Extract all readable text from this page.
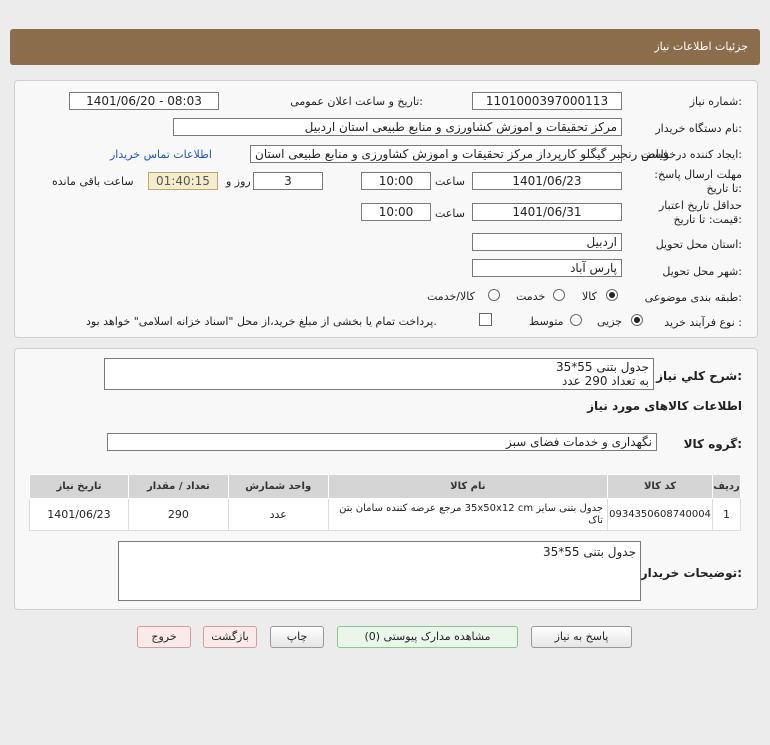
جزئیات اطلاعات نیاز
شماره نیاز:
1101000397000113
تاریخ و ساعت اعلان عمومی:
1401/06/20 - 08:03
نام دستگاه خریدار:
مرکز تحقیقات و اموزش کشاورزی و منابع طبیعی استان اردبیل
ایجاد کننده درخواست:
فیاض رنجبر گیگلو کارپرداز مرکز تحقیقات و اموزش کشاورزی و منابع طبیعی استان
اطلاعات تماس خریدار
مهلت ارسال پاسخ: تا تاریخ:
1401/06/23
ساعت
10:00
3
روز و
01:40:15
ساعت باقی مانده
حداقل تاریخ اعتبار قیمت: تا تاریخ:
1401/06/31
ساعت
10:00
استان محل تحویل:
اردبیل
شهر محل تحویل:
پارس آباد
طبقه بندی موضوعی:
کالا
خدمت
کالا/خدمت
نوع فرآیند خرید :
جزیی
متوسط
پرداخت تمام یا بخشی از مبلغ خرید،از محل "اسناد خزانه اسلامی" خواهد بود.
شرح كلي نياز:
جدول بتنی 55*35
به تعداد 290 عدد
اطلاعات کالاهای مورد نیاز
گروه کالا:
نگهداری و خدمات فضای سبز
ردیف	کد کالا	نام کالا	واحد شمارش	تعداد / مقدار	تاریخ نیاز
1	0934350608740004	جدول بتنی سایز 35x50x12 cm مرجع عرضه کننده سامان بتن تاک	عدد	290	1401/06/23
توضیحات خریدار:
جدول بتنی 55*35
پاسخ به نیاز
مشاهده مدارک پیوستی (0)
چاپ
بازگشت
خروج
